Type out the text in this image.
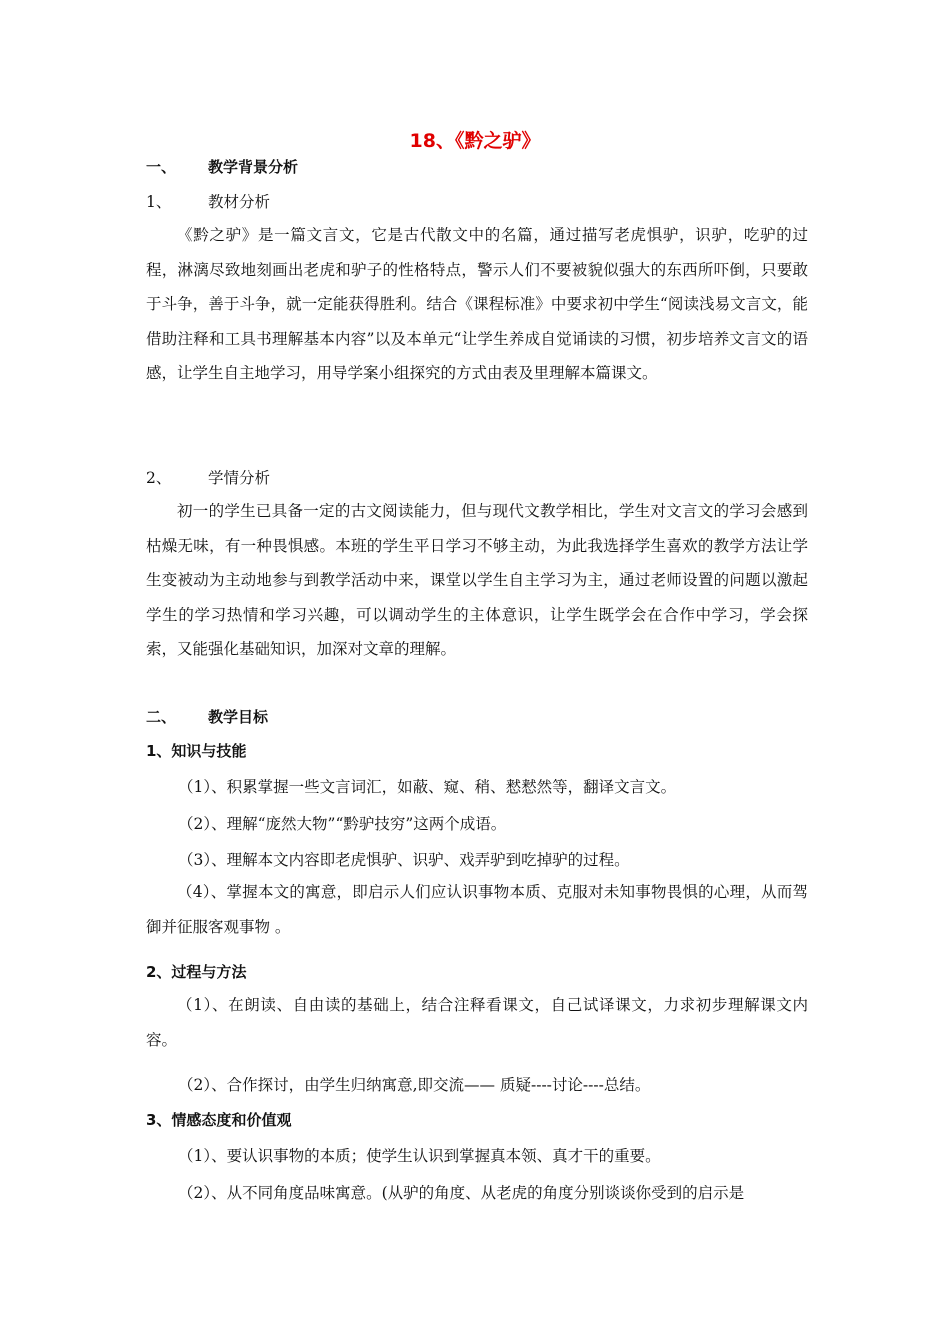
18、《黔之驴》
一、 教学背景分析
1、 教材分析
《黔之驴》是一篇文言文，它是古代散文中的名篇，通过描写老虎惧驴，识驴，吃驴的过程，淋漓尽致地刻画出老虎和驴子的性格特点，警示人们不要被貌似强大的东西所吓倒，只要敢于斗争，善于斗争，就一定能获得胜利。结合《课程标准》中要求初中学生“阅读浅易文言文，能借助注释和工具书理解基本内容”以及本单元“让学生养成自觉诵读的习惯，初步培养文言文的语感，让学生自主地学习，用导学案小组探究的方式由表及里理解本篇课文。
2、 学情分析
初一的学生已具备一定的古文阅读能力，但与现代文教学相比，学生对文言文的学习会感到枯燥无味，有一种畏惧感。本班的学生平日学习不够主动，为此我选择学生喜欢的教学方法让学生变被动为主动地参与到教学活动中来，课堂以学生自主学习为主，通过老师设置的问题以激起学生的学习热情和学习兴趣，可以调动学生的主体意识，让学生既学会在合作中学习，学会探索，又能强化基础知识，加深对文章的理解。
二、 教学目标
1、知识与技能
（1）、积累掌握一些文言词汇，如蔽、窥、稍、慭慭然等，翻译文言文。
（2）、理解“庞然大物”“黔驴技穷”这两个成语。
（3）、理解本文内容即老虎惧驴、识驴、戏弄驴到吃掉驴的过程。
（4）、掌握本文的寓意，即启示人们应认识事物本质、克服对未知事物畏惧的心理，从而驾御并征服客观事物 。
2、过程与方法
（1）、在朗读、自由读的基础上，结合注释看课文，自己试译课文，力求初步理解课文内容。
（2）、合作探讨，由学生归纳寓意,即交流—— 质疑----讨论----总结。
3、情感态度和价值观
（1）、要认识事物的本质；使学生认识到掌握真本领、真才干的重要。
（2）、从不同角度品味寓意。(从驴的角度、从老虎的角度分别谈谈你受到的启示是
